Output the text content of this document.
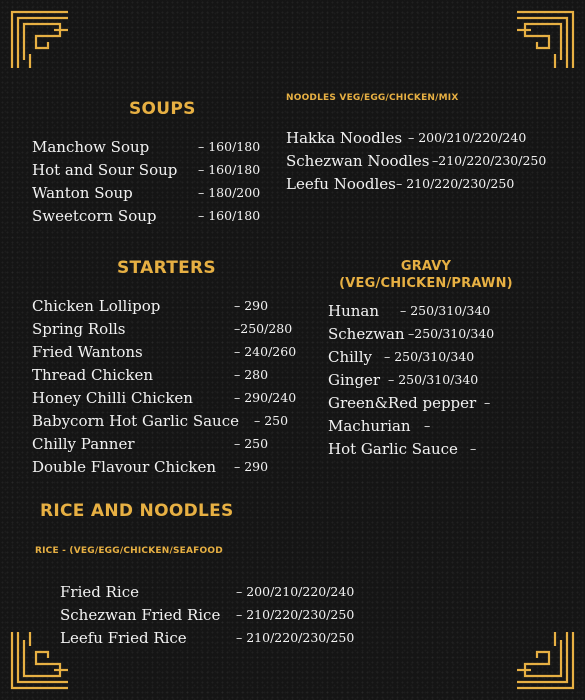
SOUPS
Manchow Soup	– 160/180
Hot and Sour Soup – 160/180
Wanton Soup	– 180/200
Sweetcorn Soup	– 160/180
NOODLES VEG/EGG/CHICKEN/MIX
Hakka Noodles – 200/210/220/240
Schezwan Noodles –210/220/230/250
Leefu Noodles – 210/220/230/250
STARTERS
Chicken Lollipop	– 290
Spring Rolls	–250/280
Fried Wantons	– 240/260
Thread Chicken	– 280
Honey Chilli Chicken	– 290/240
Babycorn Hot Garlic Sauce – 250
Chilly Panner	– 250
Double Flavour Chicken – 290
GRAVY
(VEG/CHICKEN/PRAWN)
Hunan – 250/310/340
Schezwan –250/310/340
Chilly – 250/310/340
Ginger – 250/310/340
Green&Red pepper –
Machurian –
Hot Garlic Sauce –
RICE AND NOODLES
RICE - (VEG/EGG/CHICKEN/SEAFOOD
Fried Rice	– 200/210/220/240
Schezwan Fried Rice – 210/220/230/250
Leefu Fried Rice	– 210/220/230/250
